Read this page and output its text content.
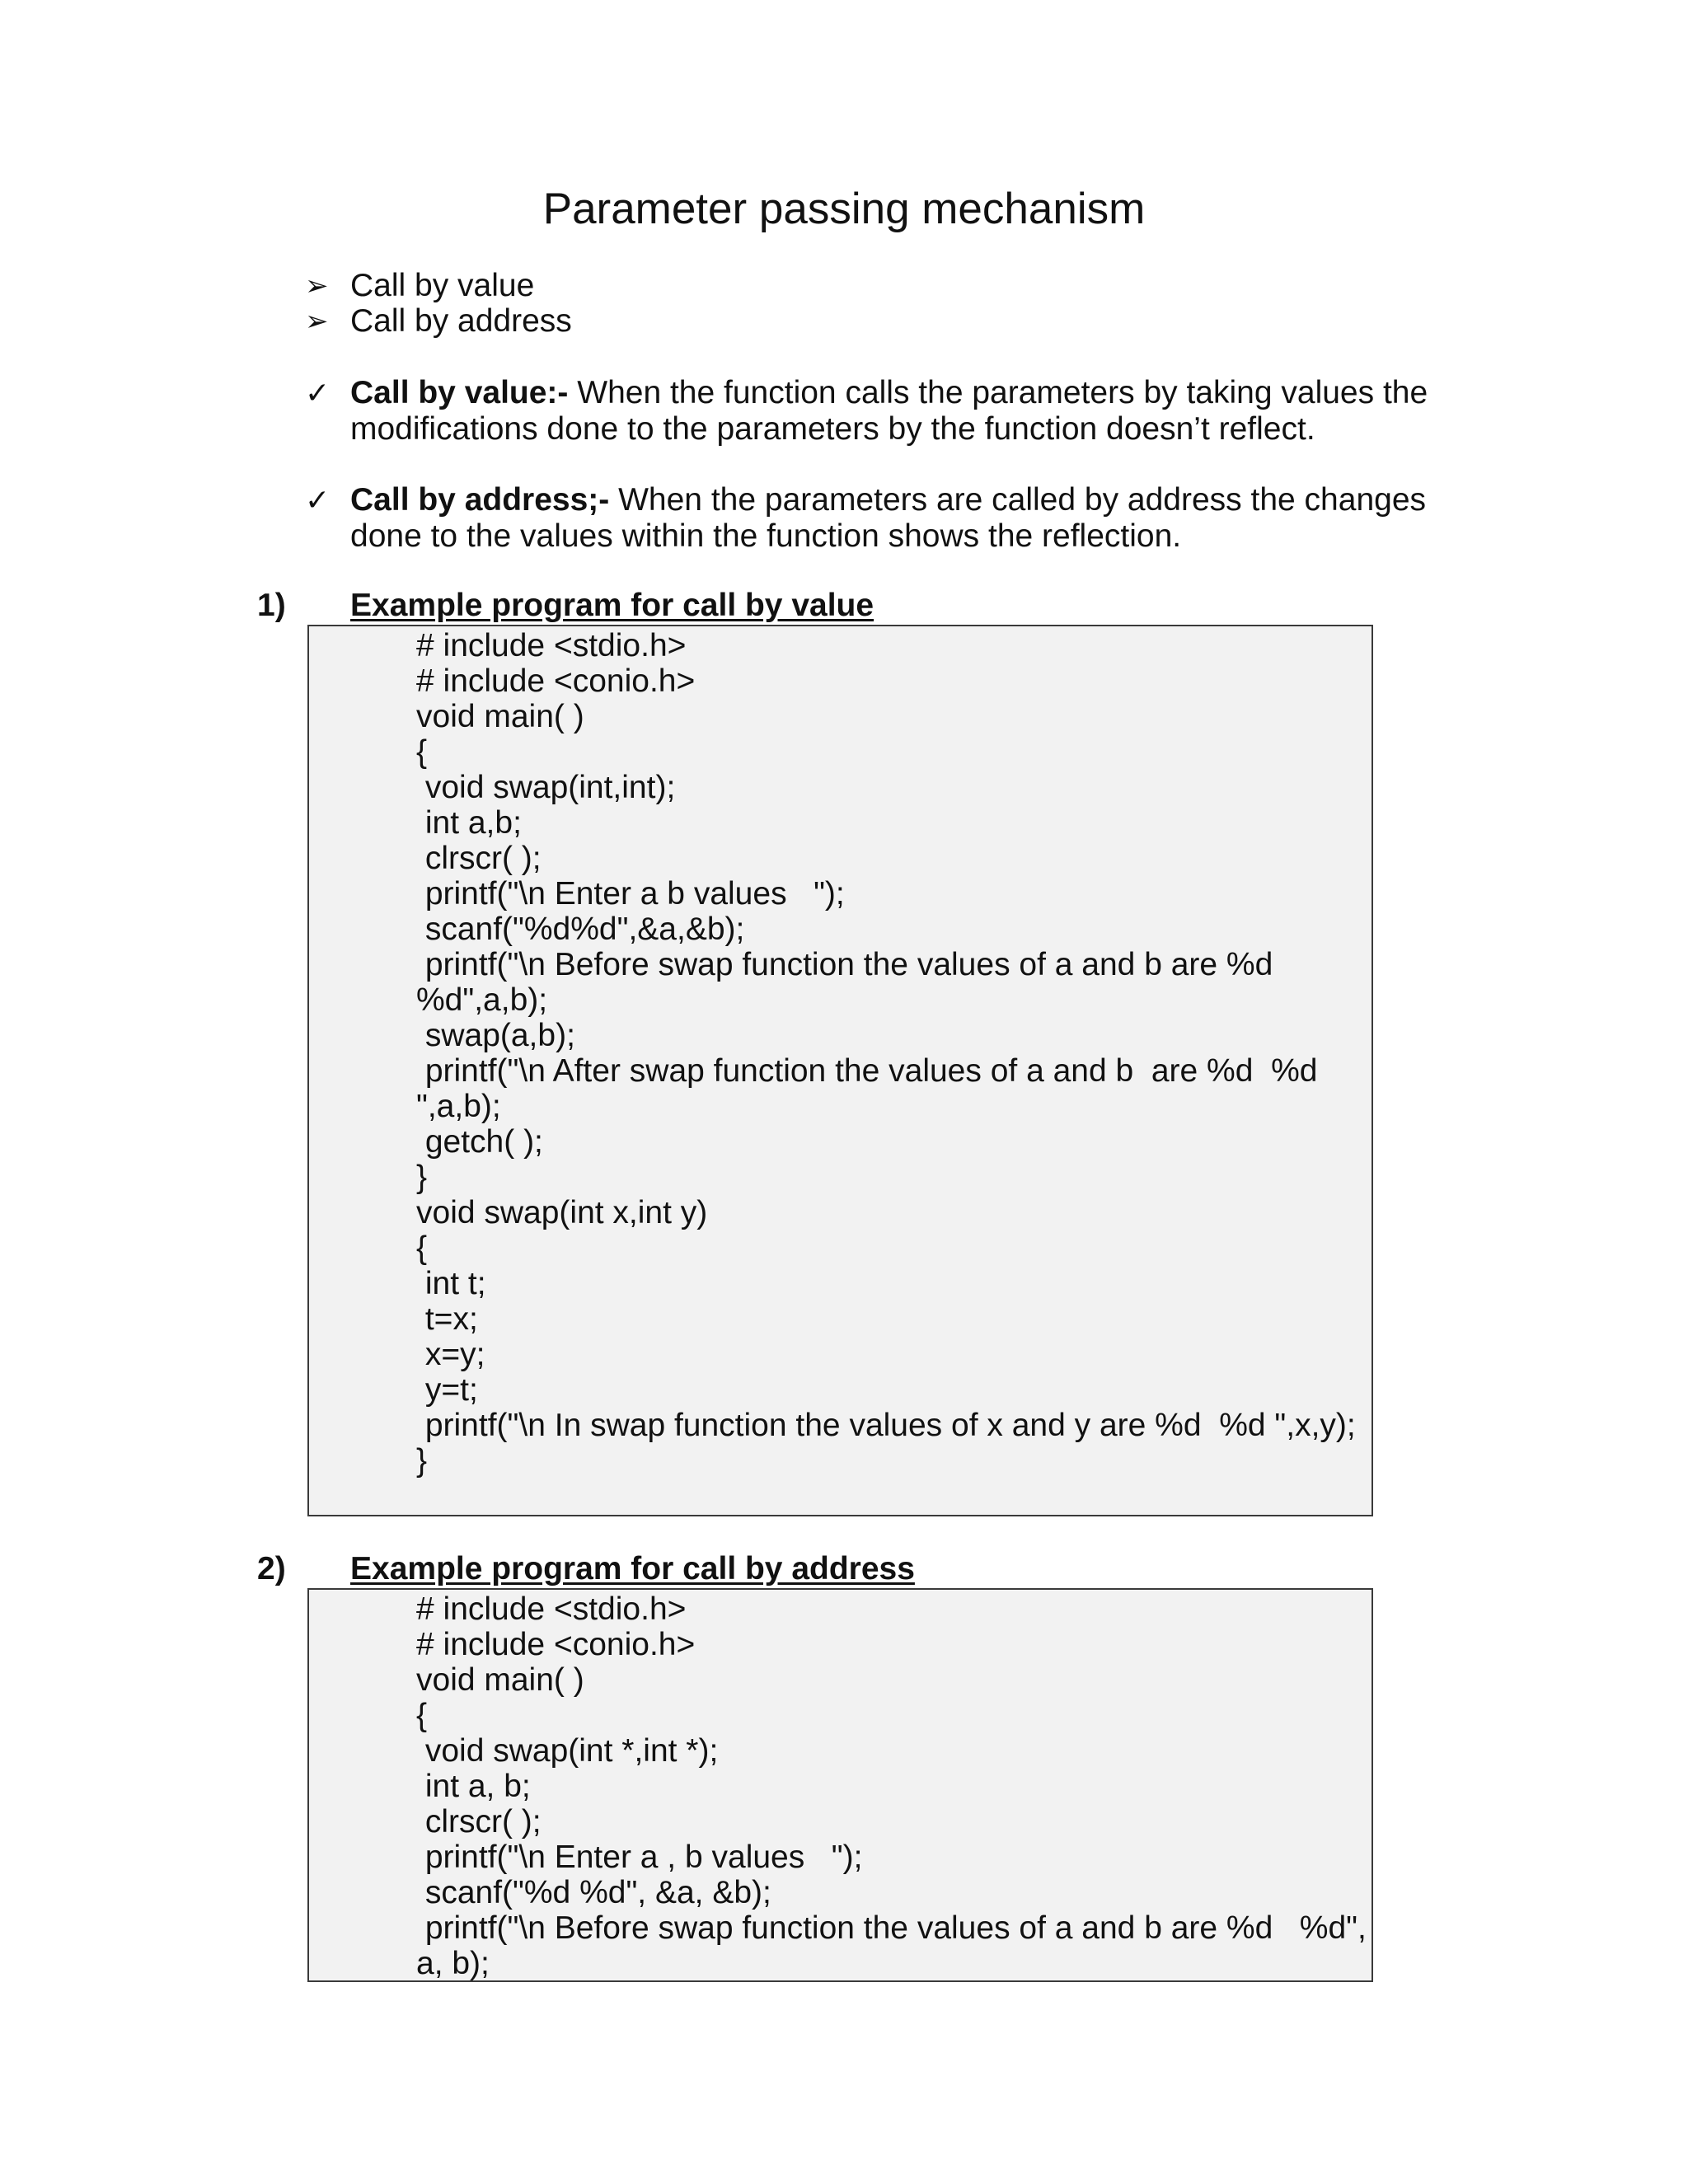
Parameter passing mechanism
➢ Call by value
➢ Call by address
✓ Call by value:- When the function calls the parameters by taking values the
modifications done to the parameters by the function doesn’t reflect.
✓ Call by address;- When the parameters are called by address the changes
done to the values within the function shows the reflection.
1) Example program for call by value
# include <stdio.h>
# include <conio.h>
void main( )
{
void swap(int,int);
int a,b;
clrscr( );
printf("\n Enter a b values   ");
scanf("%d%d",&a,&b);
printf("\n Before swap function the values of a and b are %d
%d",a,b);
swap(a,b);
printf("\n After swap function the values of a and b  are %d  %d
",a,b);
getch( );
}
void swap(int x,int y)
{
int t;
t=x;
x=y;
y=t;
printf("\n In swap function the values of x and y are %d  %d ",x,y);
}
2) Example program for call by address
# include <stdio.h>
# include <conio.h>
void main( )
{
void swap(int *,int *);
int a, b;
clrscr( );
printf("\n Enter a , b values   ");
scanf("%d %d", &a, &b);
printf("\n Before swap function the values of a and b are %d   %d",
a, b);
